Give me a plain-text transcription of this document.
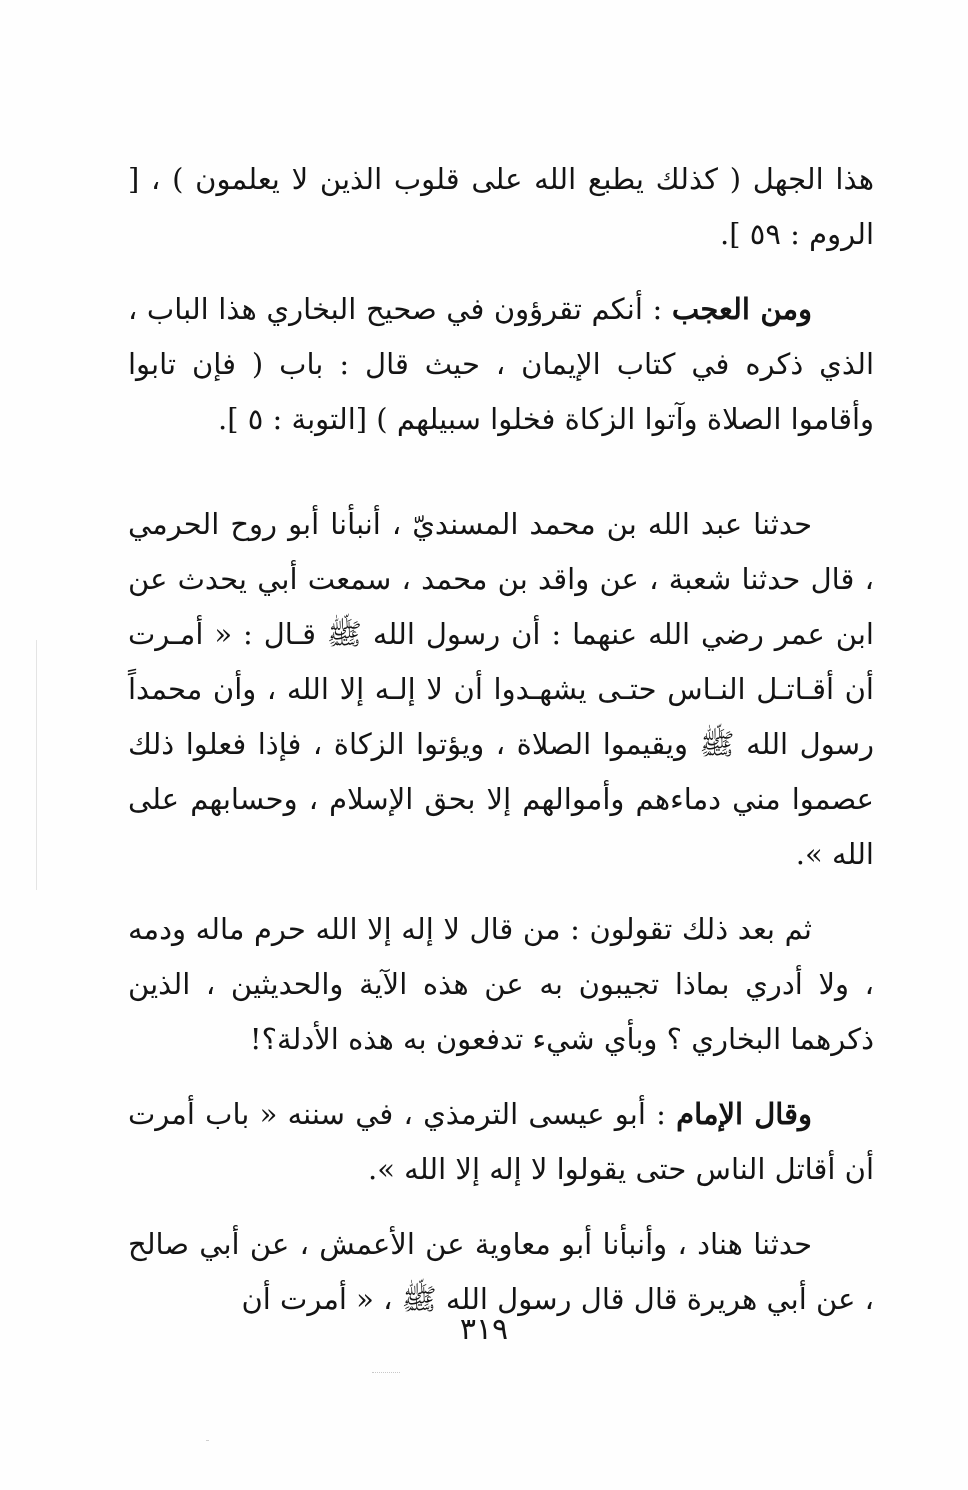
هذا الجهل ( كذلك يطبع الله على قلوب الذين لا يعلمون ) ، [ الروم : ٥٩ ].

ومن العجب : أنكم تقرؤون في صحيح البخاري هذا الباب ، الذي ذكره في كتاب الإيمان ، حيث قال : باب ( فإن تابوا وأقاموا الصلاة وآتوا الزكاة فخلوا سبيلهم ) [التوبة : ٥ ].

حدثنا عبد الله بن محمد المسنديّ ، أنبأنا أبو روح الحرمي ، قال حدثنا شعبة ، عن واقد بن محمد ، سمعت أبي يحدث عن ابن عمر رضي الله عنهما : أن رسول الله ﷺ قـال : « أمـرت أن أقـاتـل النـاس حتـى يشهـدوا أن لا إلـه إلا الله ، وأن محمداً رسول الله ﷺ ويقيموا الصلاة ، ويؤتوا الزكاة ، فإذا فعلوا ذلك عصموا مني دماءهم وأموالهم إلا بحق الإسلام ، وحسابهم على الله ».

ثم بعد ذلك تقولون : من قال لا إله إلا الله حرم ماله ودمه ، ولا أدري بماذا تجيبون به عن هذه الآية والحديثين ، الذين ذكرهما البخاري ؟ وبأي شيء تدفعون به هذه الأدلة؟!

وقال الإمام : أبو عيسى الترمذي ، في سننه « باب أمرت أن أقاتل الناس حتى يقولوا لا إله إلا الله ».

حدثنا هناد ، وأنبأنا أبو معاوية عن الأعمش ، عن أبي صالح ، عن أبي هريرة قال قال رسول الله ﷺ ، « أمرت أن

٣١٩
